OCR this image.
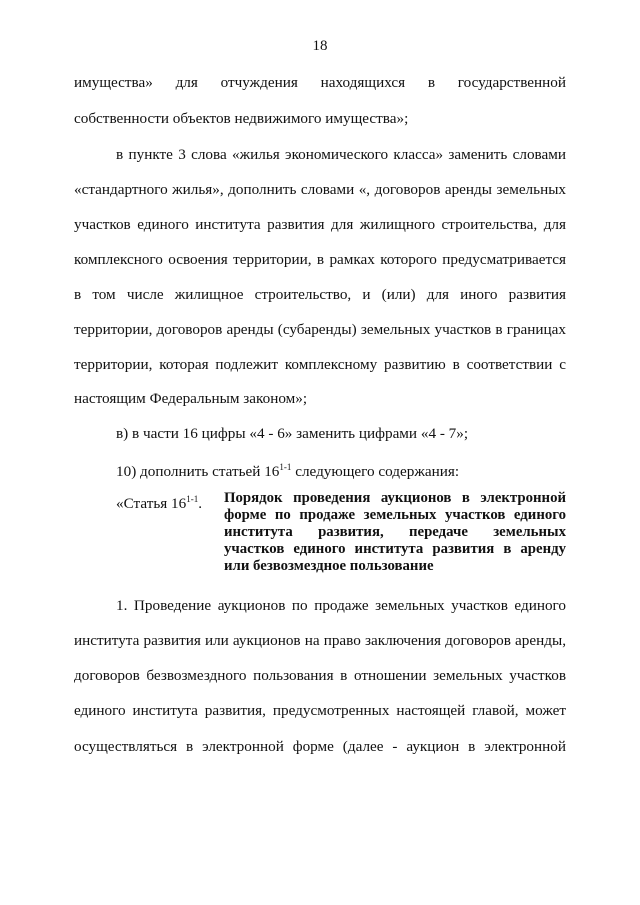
18
имущества» для отчуждения находящихся в государственной
собственности объектов недвижимого имущества»;
в пункте 3 слова «жилья экономического класса» заменить словами
«стандартного жилья», дополнить словами «, договоров аренды земельных
участков единого института развития для жилищного строительства, для
комплексного освоения территории, в рамках которого предусматривается
в том числе жилищное строительство, и (или) для иного развития
территории, договоров аренды (субаренды) земельных участков в границах
территории, которая подлежит комплексному развитию в соответствии с
настоящим Федеральным законом»;
в) в части 16 цифры «4 - 6» заменить цифрами «4 - 7»;
10) дополнить статьей 16$^{1-1}$ следующего содержания:
«Статья 16$^{1-1}$. Порядок проведения аукционов в электронной
форме по продаже земельных участков единого
института развития, передаче земельных
участков единого института развития в аренду
или безвозмездное пользование
1. Проведение аукционов по продаже земельных участков единого
института развития или аукционов на право заключения договоров аренды,
договоров безвозмездного пользования в отношении земельных участков
единого института развития, предусмотренных настоящей главой, может
осуществляться в электронной форме (далее - аукцион в электронной
